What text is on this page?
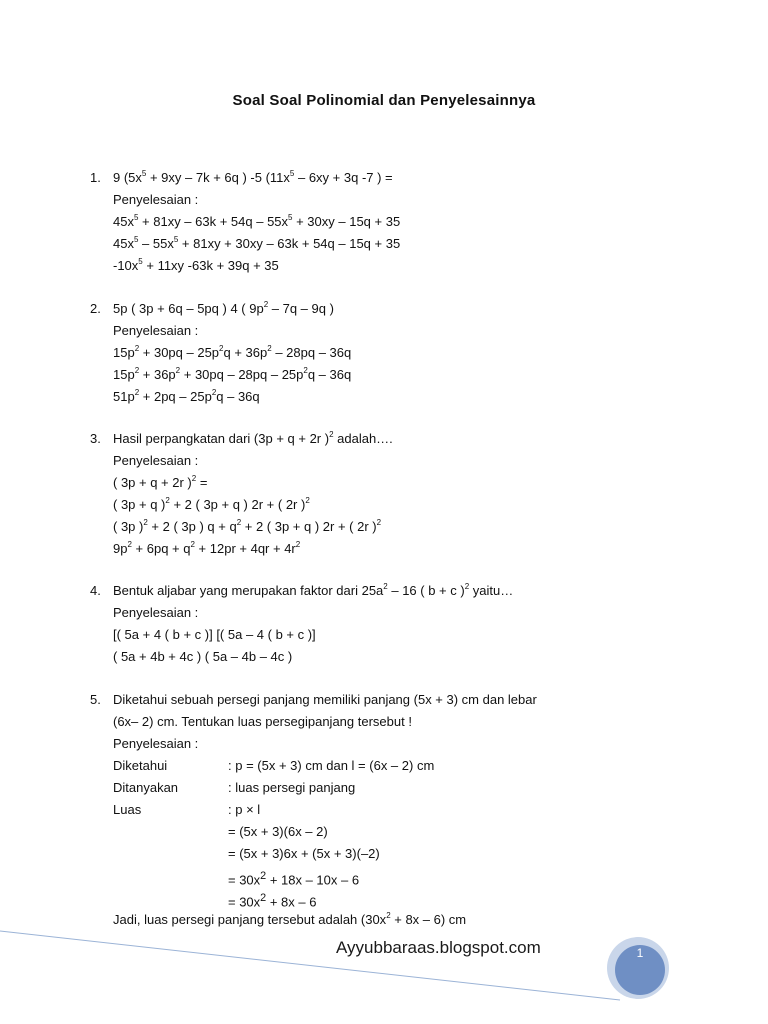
Soal Soal Polinomial dan Penyelesainnya
1. 9 ($5x^5 + 9xy - 7k + 6q$ ) -5 ($11x^5 - 6xy + 3q$ -7 ) =
Penyelesaian :
$45x^5 + 81xy - 63k + 54q - 55x^5 + 30xy - 15q + 35$
$45x^5 - 55x^5 + 81xy + 30xy - 63k + 54q - 15q + 35$
$-10x^5 + 11xy$ -63k + 39q + 35
2. 5p ( 3p + 6q – 5pq ) 4 ( $9p^2 - 7q - 9q$ )
Penyelesaian :
$15p^2 + 30pq - 25p^2q + 36p^2 - 28pq - 36q$
$15p^2 + 36p^2 + 30pq - 28pq - 25p^2q - 36q$
$51p^2 + 2pq - 25p^2q - 36q$
3. Hasil perpangkatan dari (3p + q + 2r )$^2$ adalah….
Penyelesaian :
( 3p + q + 2r )$^2$ =
( 3p + q )$^2$ + 2 ( 3p + q ) 2r + ( 2r )$^2$
( 3p )$^2$ + 2 ( 3p ) $q + q^2 + 2$ ( 3p + q ) 2r + ( 2r )$^2$
$9p^2 + 6pq + q^2 + 12pr + 4qr + 4r^2$
4. Bentuk aljabar yang merupakan faktor dari $25a^2 - 16$ ( b + c )$^2$ yaitu…
Penyelesaian :
[( 5a + 4 ( b + c )] [( 5a – 4 ( b + c )]
( 5a + 4b + 4c ) ( 5a – 4b – 4c )
5. Diketahui sebuah persegi panjang memiliki panjang (5x + 3) cm dan lebar
(6x– 2) cm. Tentukan luas persegipanjang tersebut !
Penyelesaian :
Diketahui	: p = (5x + 3) cm dan l = (6x – 2) cm
Ditanyakan	: luas persegi panjang
Luas	: p × l
= (5x + 3)(6x – 2)
= (5x + 3)6x + (5x + 3)(–2)
= $30x^2 + 18x - 10x - 6$
= $30x^2 + 8x - 6$
Jadi, luas persegi panjang tersebut adalah $(30x^2 + 8x - 6)$ cm
Ayyubbaraas.blogspot.com	1
